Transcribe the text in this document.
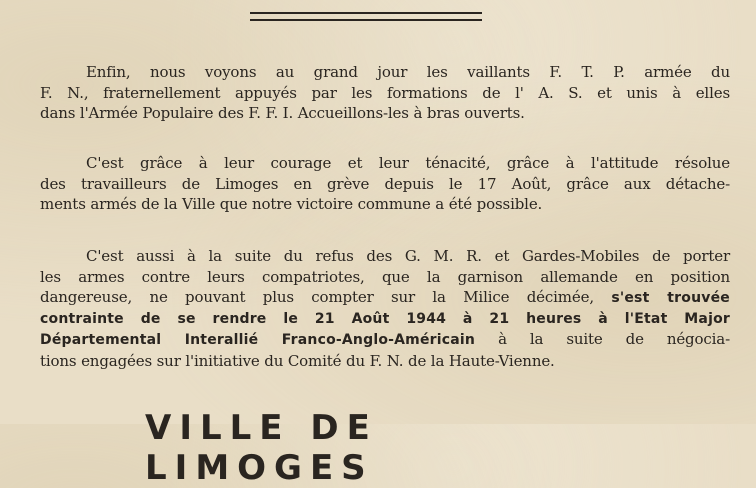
Enfin, nous voyons au grand jour les vaillants F. T. P. armée du
F. N., fraternellement appuyés par les formations de l' A. S. et unis à elles
dans l'Armée Populaire des F. F. I. Accueillons-les à bras ouverts.
C'est grâce à leur courage et leur ténacité, grâce à l'attitude résolue
des travailleurs de Limoges en grève depuis le 17 Août, grâce aux détache-
ments armés de la Ville que notre victoire commune a été possible.
C'est aussi à la suite du refus des G. M. R. et Gardes-Mobiles de porter
les armes contre leurs compatriotes, que la garnison allemande en position
dangereuse, ne pouvant plus compter sur la Milice décimée, s'est trouvée
contrainte de se rendre le 21 Août 1944 à 21 heures à l'Etat Major
Départemental Interallié Franco-Anglo-Américain à la suite de négocia-
tions engagées sur l'initiative du Comité du F. N. de la Haute-Vienne.
VILLE DE LIMOGES
